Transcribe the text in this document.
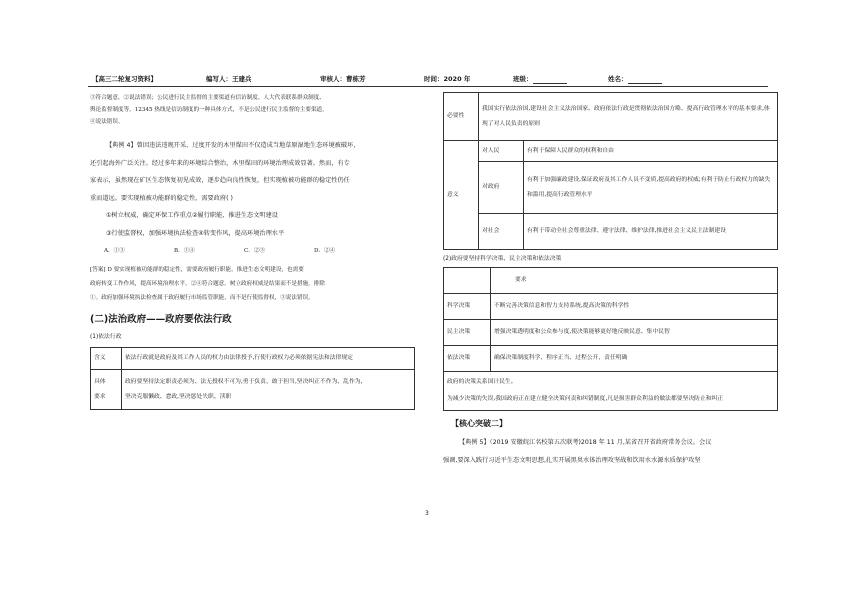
【高三二轮复习资料】	编写人：王建兵	审核人：曹栋芳	时间：2020 年	班级：	姓名：

③符合题意，②说法错误；公民进行民主监督的主要渠道有信访制度、人大代表联系群众制度、

舆论监督制度等，12345 热线是信访制度的一种具体方式，不是公民进行民主监督的主要渠道，

④说法错误。

【典例 4】曾因违法违规开采、过度开发的木里煤田不仅造成当地草原湿地生态环境被破坏，

还引起海外广泛关注。经过多年来的环境综合整治，木里煤田的环境治理成效显著。然而，有专

家表示，虽然现在矿区生态恢复初见成效，逐步趋向良性恢复，但实现植被功能群的稳定性仍任

重而道远。要实现植被功能群的稳定性，需要政府( )

①树立权威，确定环保工作重点②履行职能，推进生态文明建设

③行使监督权，加强环境执法检查④转变作风，提高环境治理水平

A．①③	B．①④	C．②③	D．②④

[答案] D 要实现植被功能群的稳定性，需要政府履行职能，推进生态文明建设，也需要

政府转变工作作风，提高环境治理水平，②④符合题意。树立政府权威是结果而不是措施，排除

①。政府加强环境执法检查属于政府履行市场监管职能，而不是行使监督权，③说法错误。

(二)法治政府——政府要依法行政
(1)依法行政
含义	依法行政就是政府及其工作人员的权力由法律授予,行使行政权力必须依据宪法和法律规定
具体
要求	政府要坚持法定职责必须为、法无授权不可为,勇于负责、敢于担当,坚决纠正不作为、乱作为,
坚决克服懒政、怠政,坚决惩处失职、渎职
必要性	我国实行依法治国,建设社会主义法治国家。政府依法行政是贯彻依法治国方略、提高行政管理水平的基本要求,体现了对人民负责的原则	
意义	对人民	有利于保障人民群众的权利和自由
	对政府	有利于加强廉政建设,保证政府及其工作人员不变质,提高政府的权威;有利于防止行政权力的缺失和滥用,提高行政管理水平
	对社会	有利于带动全社会尊重法律、遵守法律、维护法律,推进社会主义民主法制建设
(2)政府要坚持科学决策、民主决策和依法决策
	要求
科学决策	不断完善决策信息和智力支持系统,提高决策的科学性
民主决策	增强决策透明度和公众参与度,使决策能够更好地反映民意、集中民智
依法决策	确保决策制度科学、程序正当、过程公开、责任明确

政府的决策关系国计民生。
为减少决策的失误,我国政府正在建立健全决策问责和纠错制度,凡是损害群众利益的做法都要坚决防止和纠正	
【核心突破二】

【典例 5】（2019 安徽皖江名校第五次联考)2018 年 11 月,某省召开省政府常务会议。会议

强调,要深入践行习近平生态文明思想,扎实开展黑臭水体治理攻坚战和饮用水水源水质保护攻坚

3
